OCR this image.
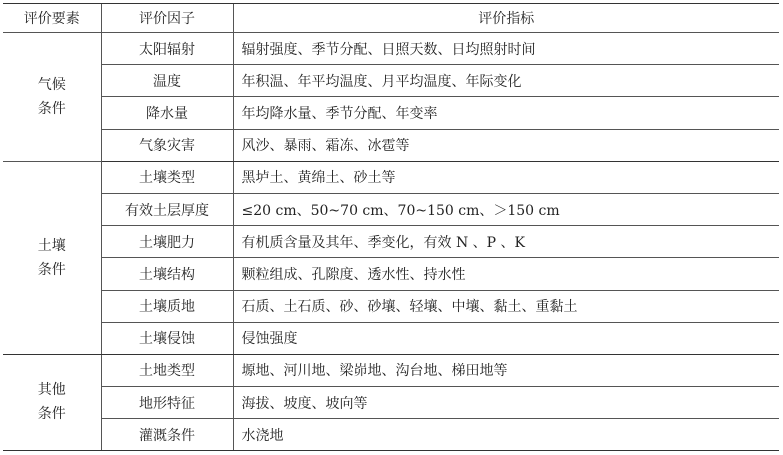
评价要素	评价因子	评价指标

气候
条件	太阳辐射	辐射强度、季节分配、日照天数、日均照射时间
	温度	年积温、年平均温度、月平均温度、年际变化
	降水量	年均降水量、季节分配、年变率
	气象灾害	风沙、暴雨、霜冻、冰雹等

土壤
条件	土壤类型	黑垆土、黄绵土、砂土等
	有效土层厚度	≤20 cm、50~70 cm、70~150 cm、＞150 cm
	土壤肥力	有机质含量及其年、季变化，有效 N 、P 、K
	土壤结构	颗粒组成、孔隙度、透水性、持水性
	土壤质地	石质、土石质、砂、砂壤、轻壤、中壤、黏土、重黏土
	土壤侵蚀	侵蚀强度

其他
条件	土地类型	塬地、河川地、梁峁地、沟台地、梯田地等
	地形特征	海拔、坡度、坡向等
	灌溉条件	水浇地
